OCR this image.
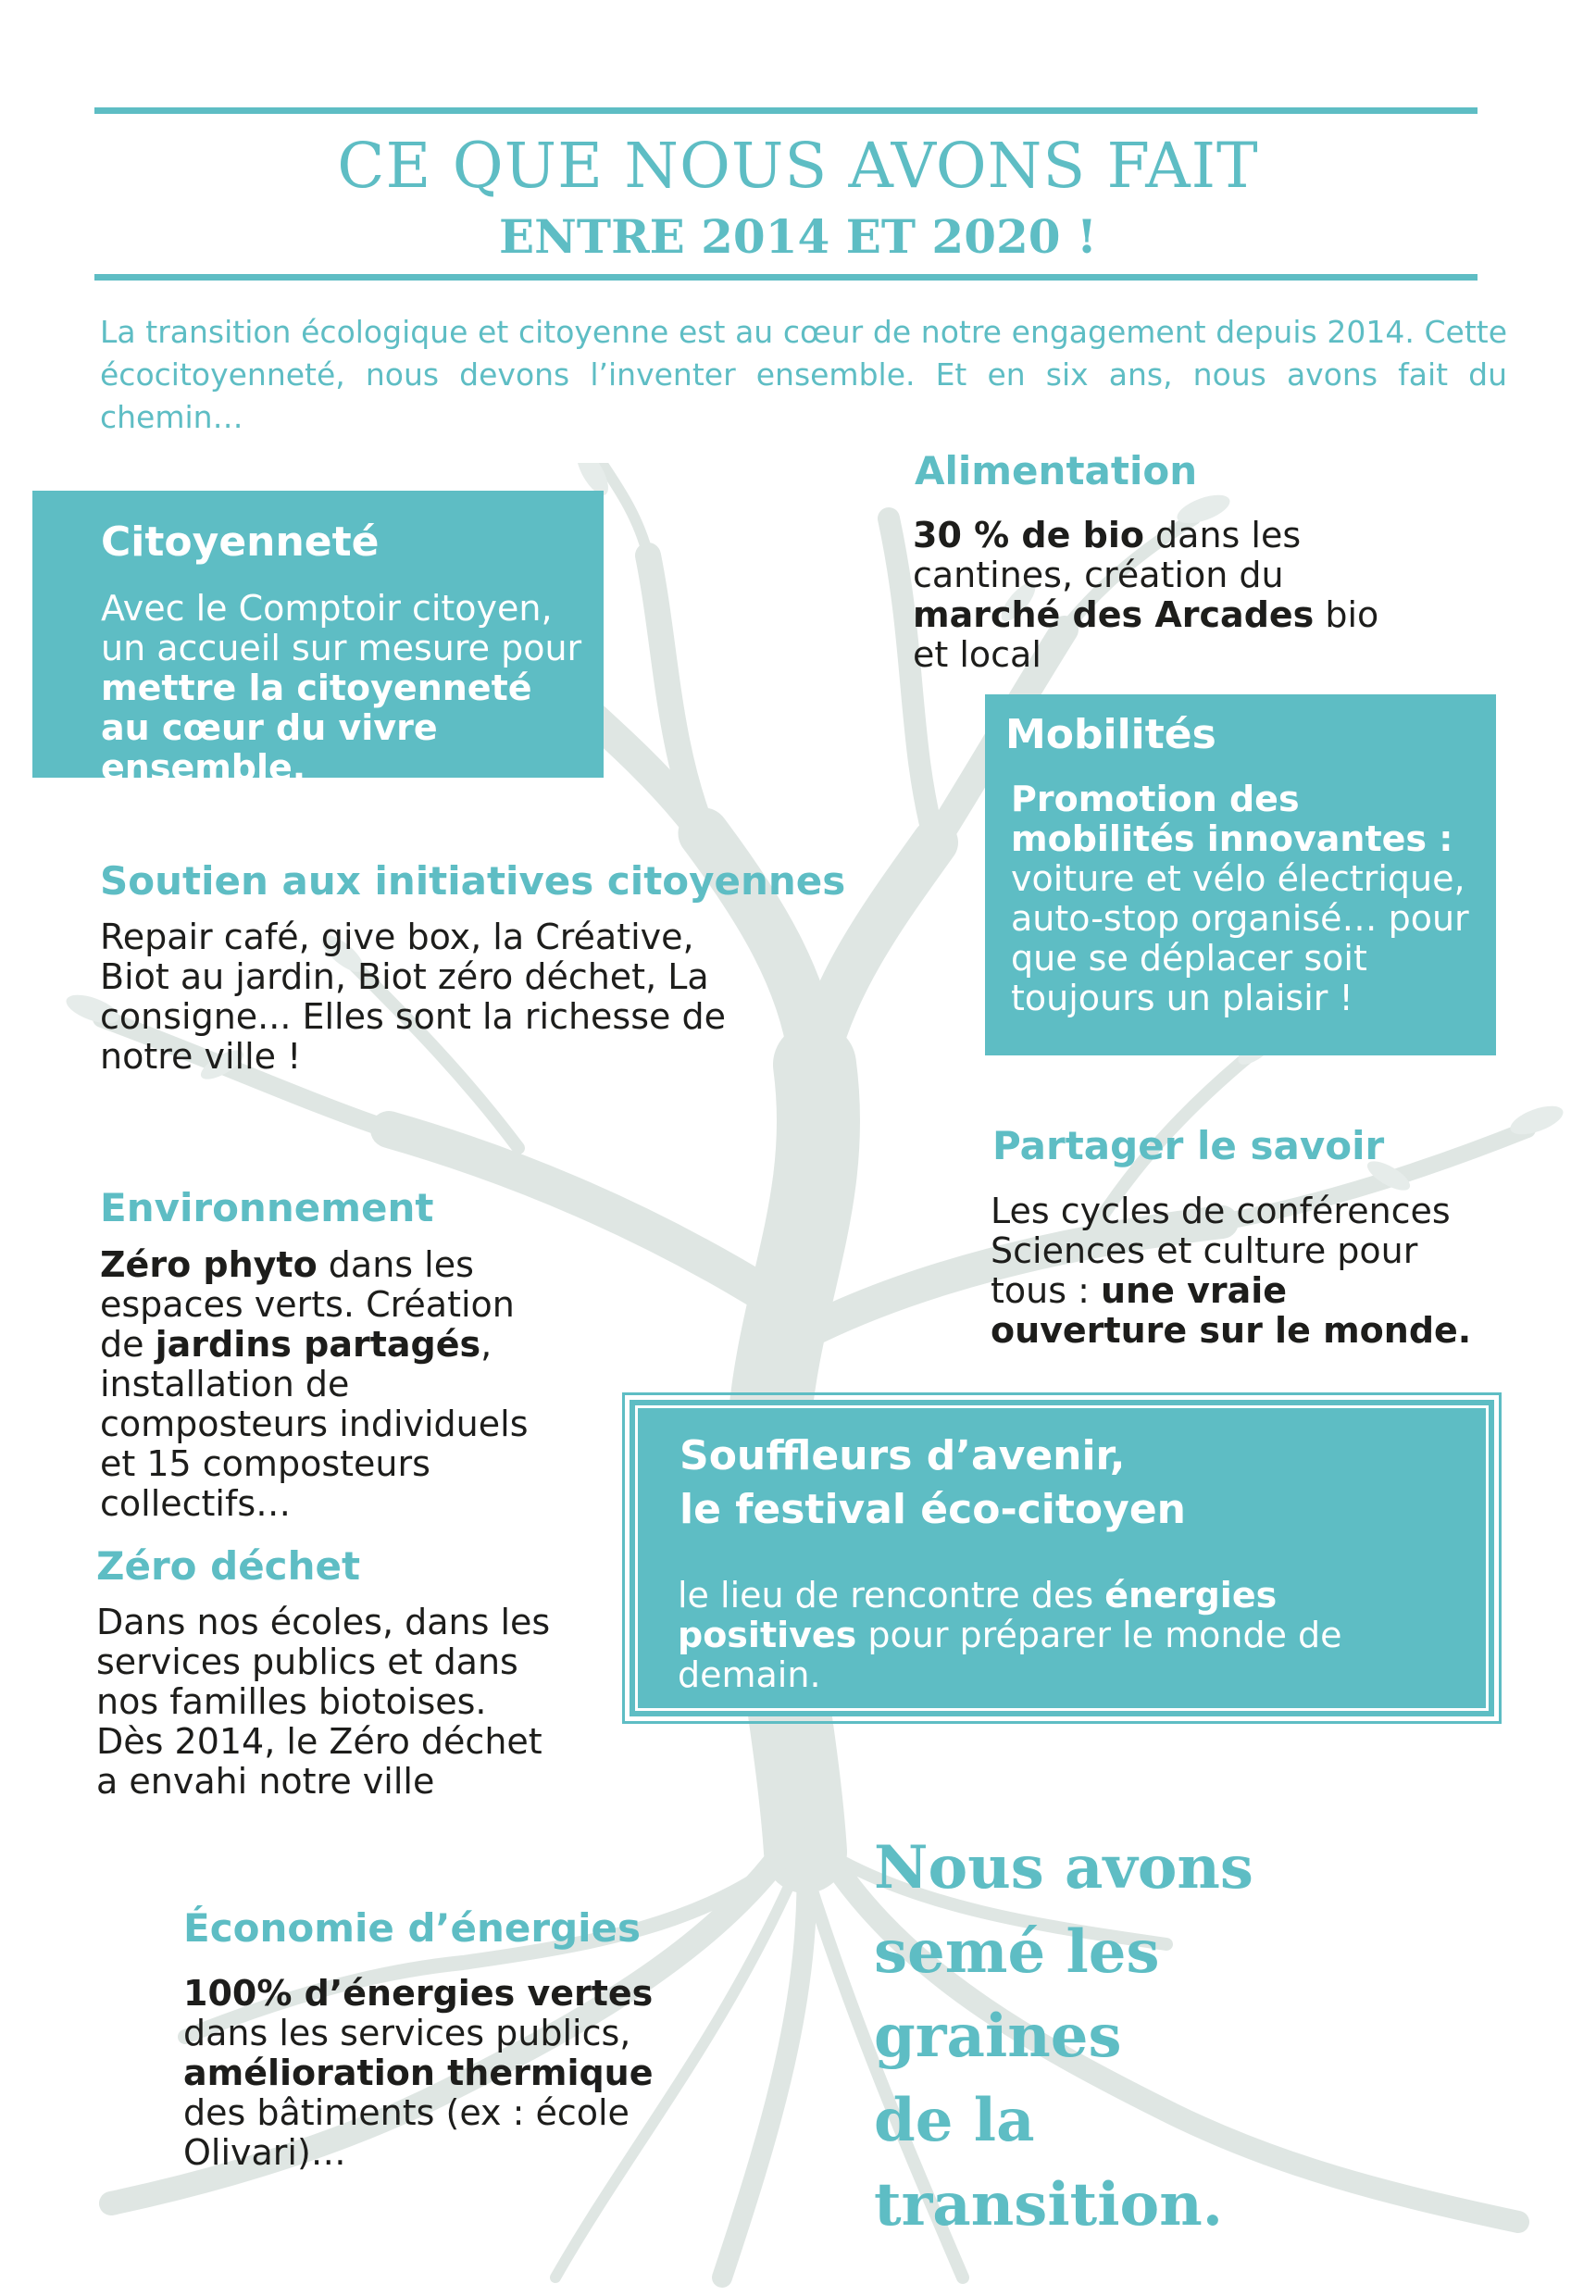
CE QUE NOUS AVONS FAIT
ENTRE 2014 ET 2020 !
La transition écologique et citoyenne est au cœur de notre engagement depuis 2014. Cette écocitoyenneté, nous devons l’inventer ensemble. Et en six ans, nous avons fait du chemin…
Citoyenneté
Avec le Comptoir citoyen, un accueil sur mesure pour mettre la citoyenneté au cœur du vivre ensemble.
Alimentation
30 % de bio dans les cantines, création du marché des Arcades bio et local
Mobilités
Promotion des mobilités innovantes : voiture et vélo électrique, auto-stop organisé… pour que se déplacer soit toujours un plaisir !
Soutien aux initiatives citoyennes
Repair café, give box, la Créative, Biot au jardin, Biot zéro déchet, La consigne... Elles sont la richesse de notre ville !
Partager le savoir
Les cycles de conférences Sciences et culture pour tous : une vraie ouverture sur le monde.
Environnement
Zéro phyto dans les espaces verts. Création de jardins partagés, installation de composteurs individuels et 15 composteurs collectifs…
Souffleurs d’avenir,
le festival éco-citoyen
le lieu de rencontre des énergies positives pour préparer le monde de demain.
Zéro déchet
Dans nos écoles, dans les services publics et dans nos familles biotoises. Dès 2014, le Zéro déchet a envahi notre ville
Économie d’énergies
100% d’énergies vertes dans les services publics, amélioration thermique des bâtiments (ex : école Olivari)…
Nous avons
semé les
graines
de la
transition.
